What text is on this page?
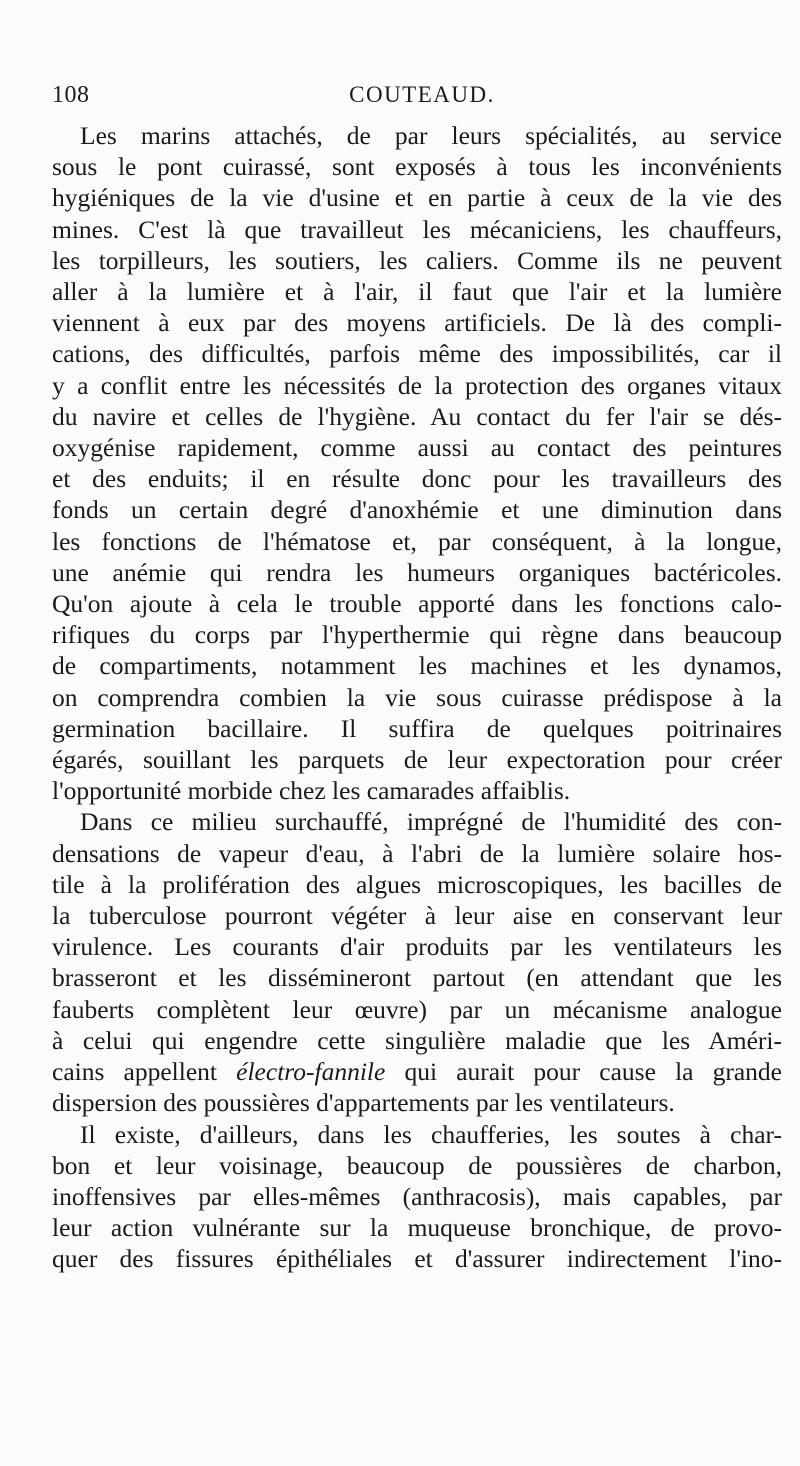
108	COUTEAUD.

Les marins attachés, de par leurs spécialités, au service
sous le pont cuirassé, sont exposés à tous les inconvénients
hygiéniques de la vie d'usine et en partie à ceux de la vie des
mines. C'est là que travailleut les mécaniciens, les chauffeurs,
les torpilleurs, les soutiers, les caliers. Comme ils ne peuvent
aller à la lumière et à l'air, il faut que l'air et la lumière
viennent à eux par des moyens artificiels. De là des compli-
cations, des difficultés, parfois même des impossibilités, car il
y a conflit entre les nécessités de la protection des organes vitaux
du navire et celles de l'hygiène. Au contact du fer l'air se dés-
oxygénise rapidement, comme aussi au contact des peintures
et des enduits; il en résulte donc pour les travailleurs des
fonds un certain degré d'anoxhémie et une diminution dans
les fonctions de l'hématose et, par conséquent, à la longue,
une anémie qui rendra les humeurs organiques bactéricoles.
Qu'on ajoute à cela le trouble apporté dans les fonctions calo-
rifiques du corps par l'hyperthermie qui règne dans beaucoup
de compartiments, notamment les machines et les dynamos,
on comprendra combien la vie sous cuirasse prédispose à la
germination bacillaire. Il suffira de quelques poitrinaires
égarés, souillant les parquets de leur expectoration pour créer
l'opportunité morbide chez les camarades affaiblis.

Dans ce milieu surchauffé, imprégné de l'humidité des con-
densations de vapeur d'eau, à l'abri de la lumière solaire hos-
tile à la prolifération des algues microscopiques, les bacilles de
la tuberculose pourront végéter à leur aise en conservant leur
virulence. Les courants d'air produits par les ventilateurs les
brasseront et les dissémineront partout (en attendant que les
fauberts complètent leur œuvre) par un mécanisme analogue
à celui qui engendre cette singulière maladie que les Améri-
cains appellent électro-fannile qui aurait pour cause la grande
dispersion des poussières d'appartements par les ventilateurs.

Il existe, d'ailleurs, dans les chaufferies, les soutes à char-
bon et leur voisinage, beaucoup de poussières de charbon,
inoffensives par elles-mêmes (anthracosis), mais capables, par
leur action vulnérante sur la muqueuse bronchique, de provo-
quer des fissures épithéliales et d'assurer indirectement l'ino-
